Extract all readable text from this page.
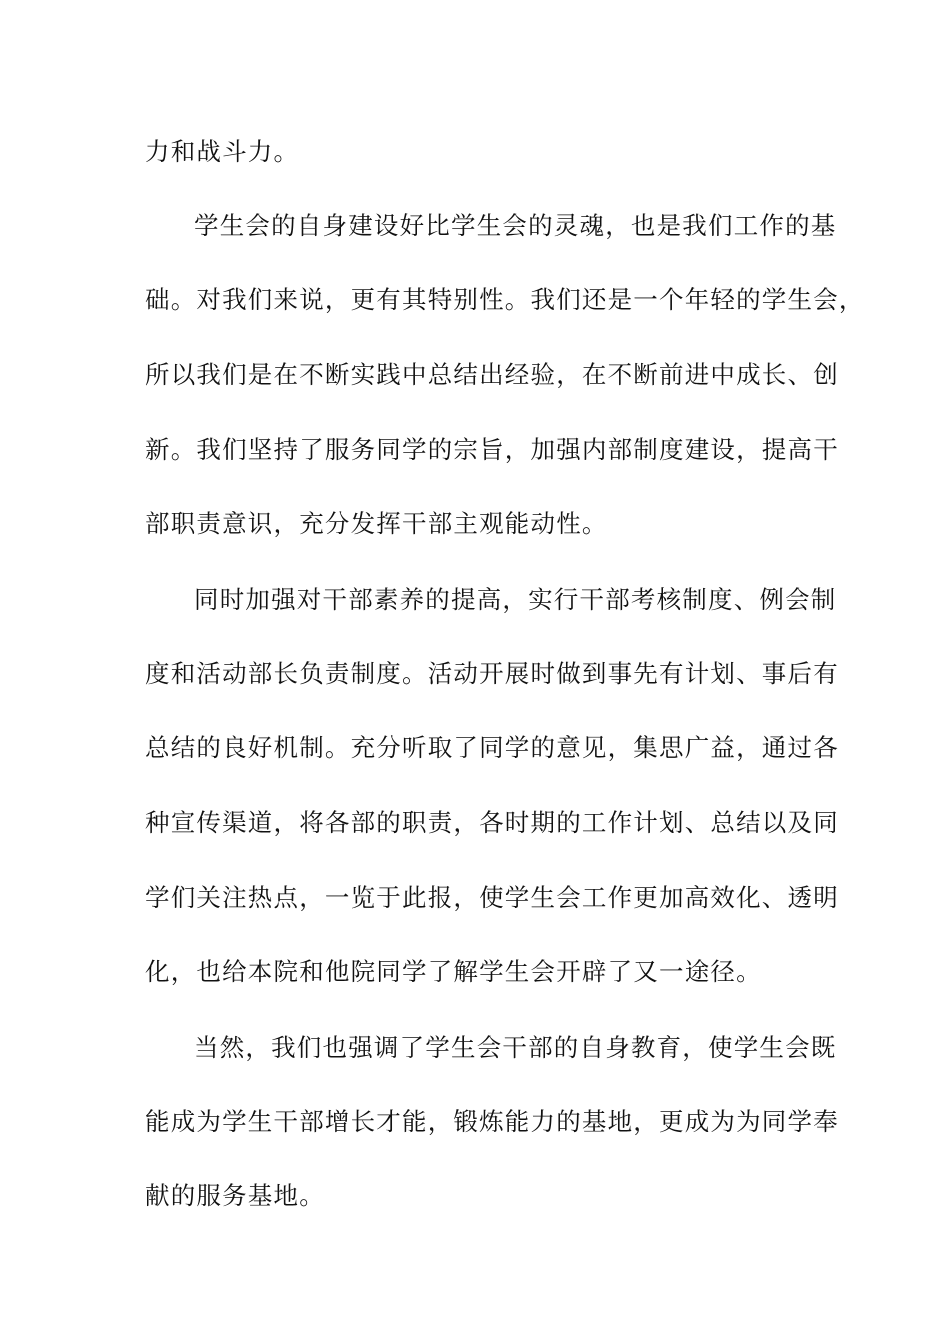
力和战斗力。
学生会的自身建设好比学生会的灵魂，也是我们工作的基
础。对我们来说，更有其特别性。我们还是一个年轻的学生会，
所以我们是在不断实践中总结出经验，在不断前进中成长、创
新。我们坚持了服务同学的宗旨，加强内部制度建设，提高干
部职责意识，充分发挥干部主观能动性。
同时加强对干部素养的提高，实行干部考核制度、例会制
度和活动部长负责制度。活动开展时做到事先有计划、事后有
总结的良好机制。充分听取了同学的意见，集思广益，通过各
种宣传渠道，将各部的职责，各时期的工作计划、总结以及同
学们关注热点，一览于此报，使学生会工作更加高效化、透明
化，也给本院和他院同学了解学生会开辟了又一途径。
当然，我们也强调了学生会干部的自身教育，使学生会既
能成为学生干部增长才能，锻炼能力的基地，更成为为同学奉
献的服务基地。
